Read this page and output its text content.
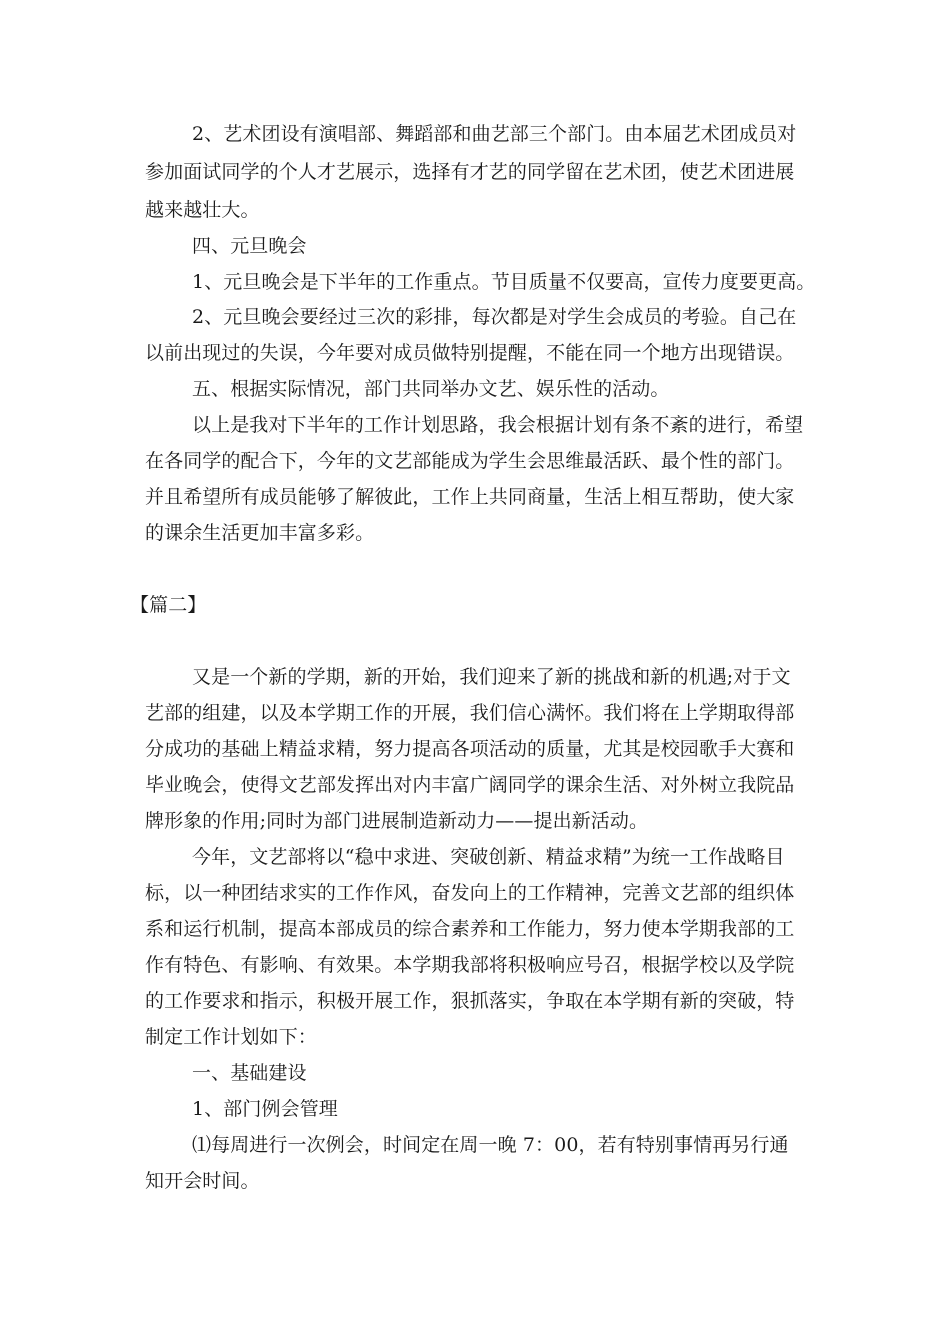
2、艺术团设有演唱部、舞蹈部和曲艺部三个部门。由本届艺术团成员对
参加面试同学的个人才艺展示，选择有才艺的同学留在艺术团，使艺术团进展
越来越壮大。
四、元旦晚会
1、元旦晚会是下半年的工作重点。节目质量不仅要高，宣传力度要更高。
2、元旦晚会要经过三次的彩排，每次都是对学生会成员的考验。自己在
以前出现过的失误，今年要对成员做特别提醒，不能在同一个地方出现错误。
五、根据实际情况，部门共同举办文艺、娱乐性的活动。
以上是我对下半年的工作计划思路，我会根据计划有条不紊的进行，希望
在各同学的配合下，今年的文艺部能成为学生会思维最活跃、最个性的部门。
并且希望所有成员能够了解彼此，工作上共同商量，生活上相互帮助，使大家
的课余生活更加丰富多彩。
【篇二】
又是一个新的学期，新的开始，我们迎来了新的挑战和新的机遇;对于文
艺部的组建，以及本学期工作的开展，我们信心满怀。我们将在上学期取得部
分成功的基础上精益求精，努力提高各项活动的质量，尤其是校园歌手大赛和
毕业晚会，使得文艺部发挥出对内丰富广阔同学的课余生活、对外树立我院品
牌形象的作用;同时为部门进展制造新动力——提出新活动。
今年，文艺部将以“稳中求进、突破创新、精益求精”为统一工作战略目
标，以一种团结求实的工作作风，奋发向上的工作精神，完善文艺部的组织体
系和运行机制，提高本部成员的综合素养和工作能力，努力使本学期我部的工
作有特色、有影响、有效果。本学期我部将积极响应号召，根据学校以及学院
的工作要求和指示，积极开展工作，狠抓落实，争取在本学期有新的突破，特
制定工作计划如下：
一、基础建设
1、部门例会管理
⑴每周进行一次例会，时间定在周一晚 7：00，若有特别事情再另行通
知开会时间。
